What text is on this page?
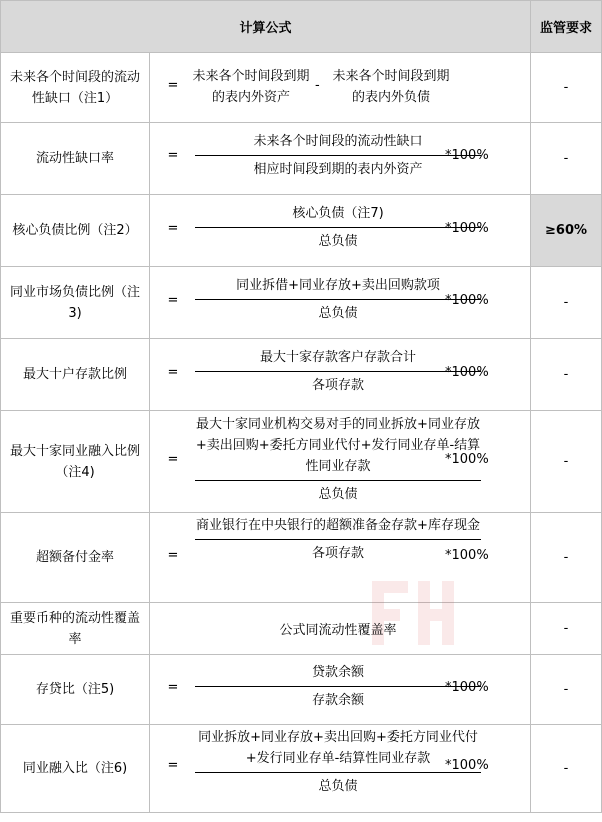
计算公式		监管要求
未来各个时间段的流动性缺口（注1）	=
未来各个时间段到期的表内外资产
-
未来各个时间段到期的表内外负债	-
流动性缺口率	=
未来各个时间段的流动性缺口
相应时间段到期的表内外资产
*100%	-
核心负债比例（注2）	=
核心负债（注7)
总负债
*100%	≥60%
同业市场负债比例（注3)	=
同业拆借+同业存放+卖出回购款项
总负债
*100%	-
最大十户存款比例	=
最大十家存款客户存款合计
各项存款
*100%	-
最大十家同业融入比例（注4)	=
最大十家同业机构交易对手的同业拆放+同业存放+卖出回购+委托方同业代付+发行同业存单-结算性同业存款
总负债
*100%	-
超额备付金率	=
商业银行在中央银行的超额准备金存款+库存现金
各项存款 *100%	-
重要币种的流动性覆盖率	公式同流动性覆盖率	-
存贷比（注5)	=
贷款余额
存款余额
*100%	-
同业融入比（注6)	=
同业拆放+同业存放+卖出回购+委托方同业代付+发行同业存单-结算性同业存款
总负债
*100%	-
